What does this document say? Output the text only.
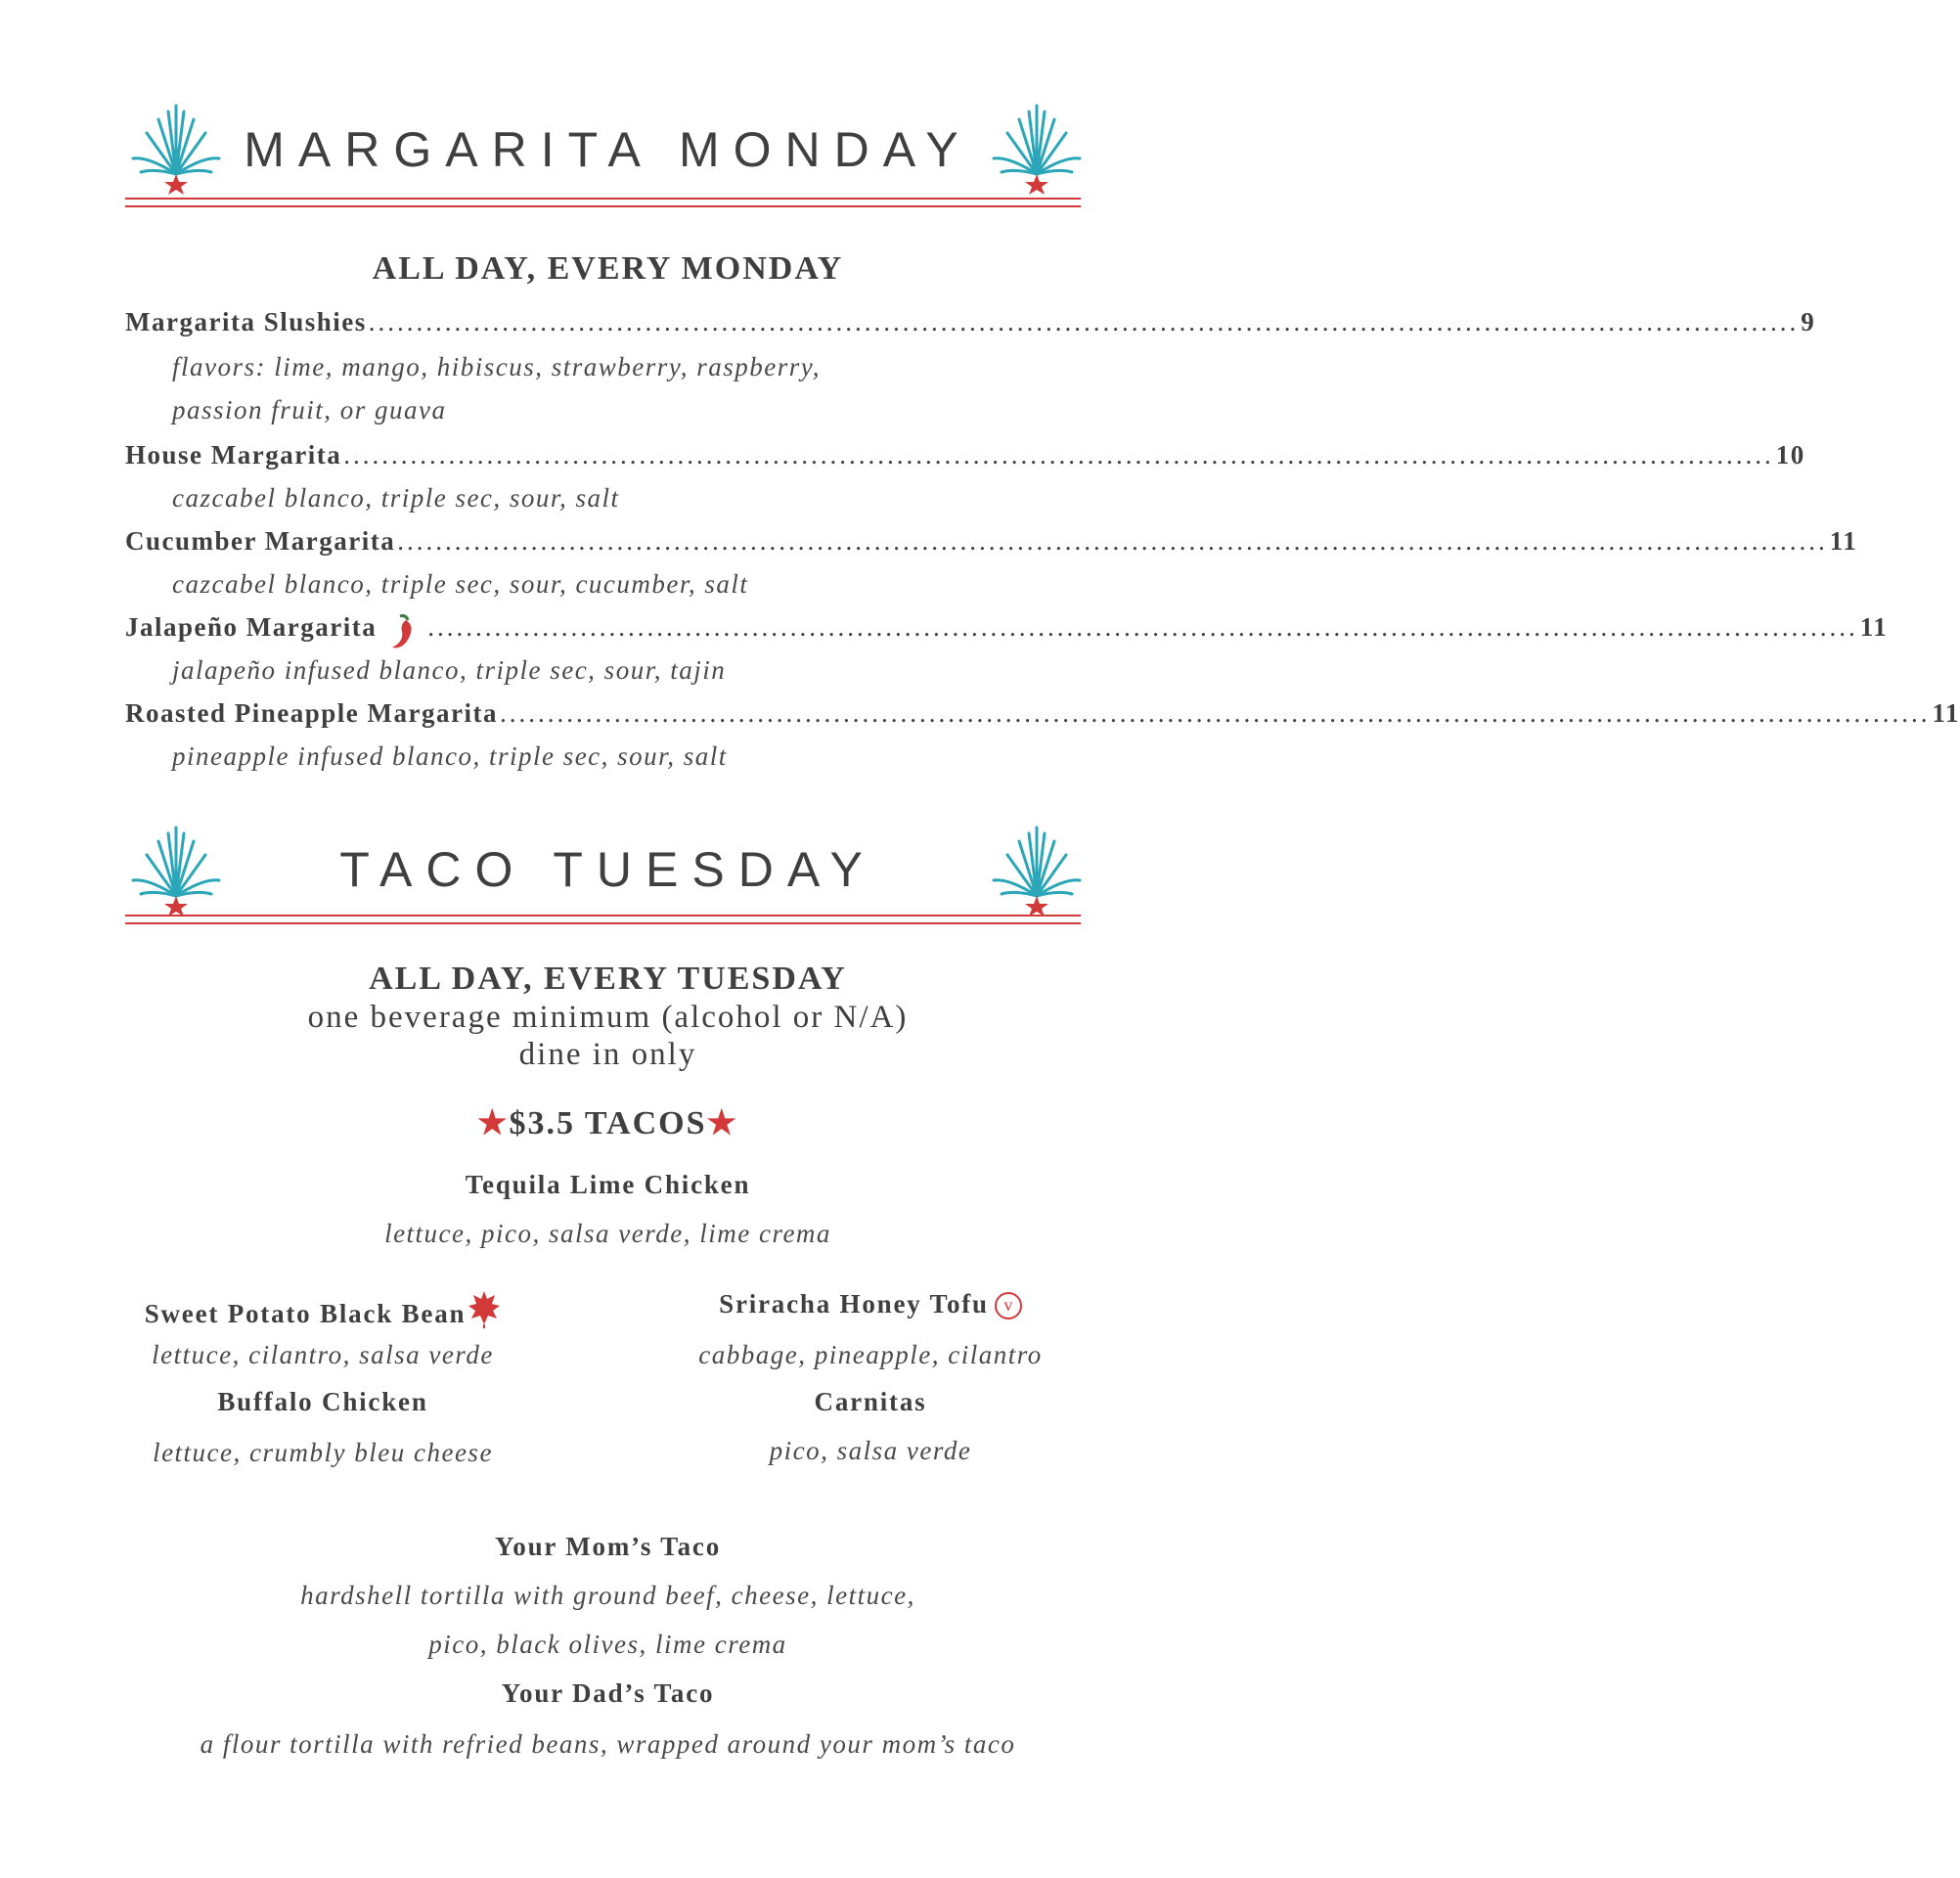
MARGARITA MONDAY
ALL DAY, EVERY MONDAY
Margarita Slushies ...................................................................................................................................................... 9
flavors: lime, mango, hibiscus, strawberry, raspberry,
passion fruit, or guava
House Margarita ...................................................................................................................................................... 10
cazcabel blanco, triple sec, sour, salt
Cucumber Margarita ...................................................................................................................................................... 11
cazcabel blanco, triple sec, sour, cucumber, salt
Jalapeño Margarita ...................................................................................................................................................... 11
jalapeño infused blanco, triple sec, sour, tajin
Roasted Pineapple Margarita ...................................................................................................................................................... 11
pineapple infused blanco, triple sec, sour, salt
TACO TUESDAY
ALL DAY, EVERY TUESDAY
one beverage minimum (alcohol or N/A)
dine in only
★$3.5 TACOS★
Tequila Lime Chicken
lettuce, pico, salsa verde, lime crema
Sweet Potato Black Bean
lettuce, cilantro, salsa verde
Buffalo Chicken
lettuce, crumbly bleu cheese
Sriracha Honey Tofu v
cabbage, pineapple, cilantro
Carnitas
pico, salsa verde
Your Mom’s Taco
hardshell tortilla with ground beef, cheese, lettuce,
pico, black olives, lime crema
Your Dad’s Taco
a flour tortilla with refried beans, wrapped around your mom’s taco
